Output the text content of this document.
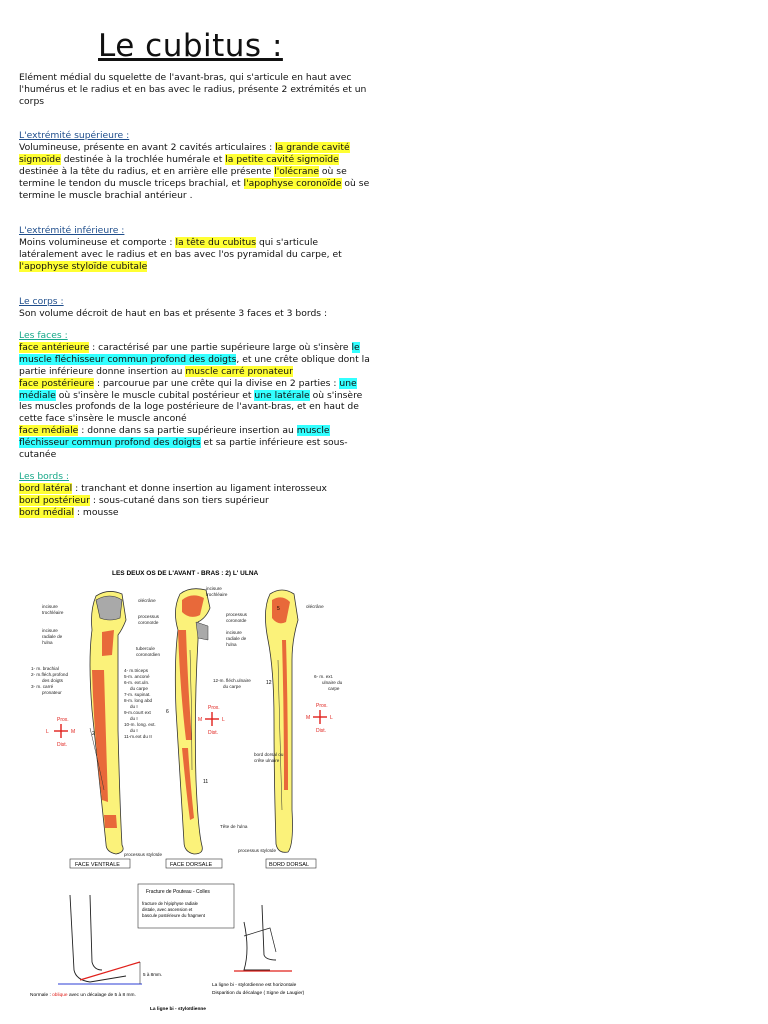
Le cubitus :
Elément médial du squelette de l'avant-bras, qui s'articule en haut avec l'humérus et le radius et en bas avec le radius, présente 2 extrémités et un corps
L'extrémité supérieure :
Volumineuse, présente en avant 2 cavités articulaires : la grande cavité sigmoïde destinée à la trochlée humérale et la petite cavité sigmoïde destinée à la tête du radius, et en arrière elle présente l'olécrane où se termine le tendon du muscle triceps brachial, et l'apophyse coronoïde où se termine le muscle brachial antérieur .
L'extrémité inférieure :
Moins volumineuse et comporte : la tête du cubitus qui s'articule latéralement avec le radius et en bas avec l'os pyramidal du carpe, et l'apophyse styloïde cubitale
Le corps :
Son volume décroit de haut en bas et présente 3 faces et 3 bords :
Les faces :
face antérieure : caractérisé par une partie supérieure large où s'insère le muscle fléchisseur commun profond des doigts, et une crête oblique dont la partie inférieure donne insertion au muscle carré pronateur
face postérieure : parcourue par une crête qui la divise en 2 parties : une médiale où s'insère le muscle cubital postérieur et une latérale où s'insère les muscles profonds de la loge postérieure de l'avant-bras, et en haut de cette face s'insère le muscle anconé
face médiale : donne dans sa partie supérieure insertion au muscle fléchisseur commun profond des doigts et sa partie inférieure est sous-cutanée
Les bords :
bord latéral : tranchant et donne insertion au ligament interosseux
bord postérieur : sous-cutané dans son tiers supérieur
bord médial : mousse
LES DEUX OS DE L'AVANT - BRAS : 2) L' ULNA
2
6
11
12
5
incisure trochléaire
incisure radiale de l'ulna
olécrâne
processus coronoïde
tubercule coronoïdien
1- m. brachial 2- m.fléch.profond des doigts 3- m. carré pronateur
4- m.triceps 5-m. anconé 6-m. ext.uln. du carpe 7-m. supinat. 8-m. long abd du I 9-m.court ext du I 10-m. long. ext. du I 11-m.ext du II
incisure trochléaire
processus coronoïde
incisure radiale de l'ulna
olécrâne
12-m. fléch.ulnaire du carpe
6- m. ext. ulnaire du carpe
bord dorsal ou crête ulnaire
Tête de l'ulna
processus styloïde
processus styloïde
Prox.
Dist.
L	M
Prox.
Dist.
M	L
Prox.
Dist.
M	L
FACE VENTRALE	FACE DORSALE	BORD DORSAL
5 à 8mm.
Fracture de Pouteau - Colles
fracture de l'épiphyse radiale distale, avec ascension et bascule postérieure du fragment
Normale : oblique avec un décalage de 5 à 8 mm.
La ligne bi - styloïdienne est horizontale
Disparition du décalage ( Signe de Laugier)
La ligne bi - styloïdienne
